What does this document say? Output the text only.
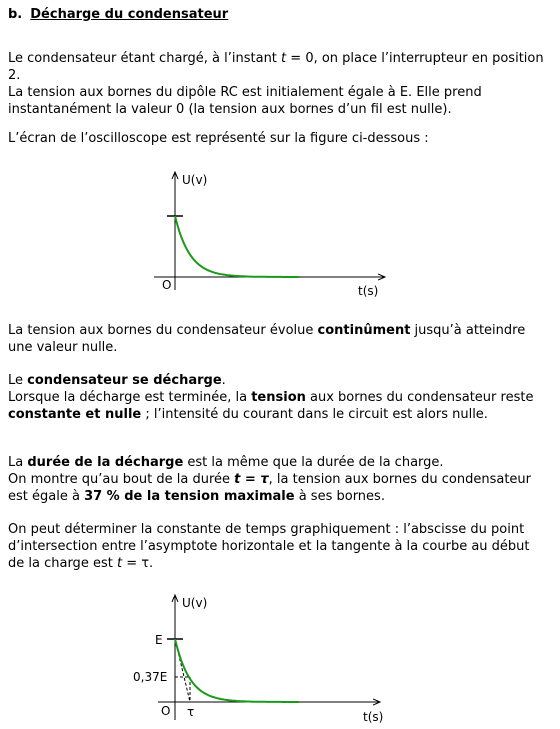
b. Décharge du condensateur
Le condensateur étant chargé, à l’instant t = 0, on place l’interrupteur en position 2.
La tension aux bornes du dipôle RC est initialement égale à E. Elle prend instantanément la valeur 0 (la tension aux bornes d’un fil est nulle).
L’écran de l’oscilloscope est représenté sur la figure ci-dessous :
U(v)
t(s)
O
La tension aux bornes du condensateur évolue continûment jusqu’à atteindre une valeur nulle.
Le condensateur se décharge.
Lorsque la décharge est terminée, la tension aux bornes du condensateur reste constante et nulle ; l’intensité du courant dans le circuit est alors nulle.
La durée de la décharge est la même que la durée de la charge.
On montre qu’au bout de la durée t = τ, la tension aux bornes du condensateur est égale à 37 % de la tension maximale à ses bornes.
On peut déterminer la constante de temps graphiquement : l’abscisse du point d’intersection entre l’asymptote horizontale et la tangente à la courbe au début de la charge est t = τ.
U(v)
t(s)
O
E
0,37E
τ
